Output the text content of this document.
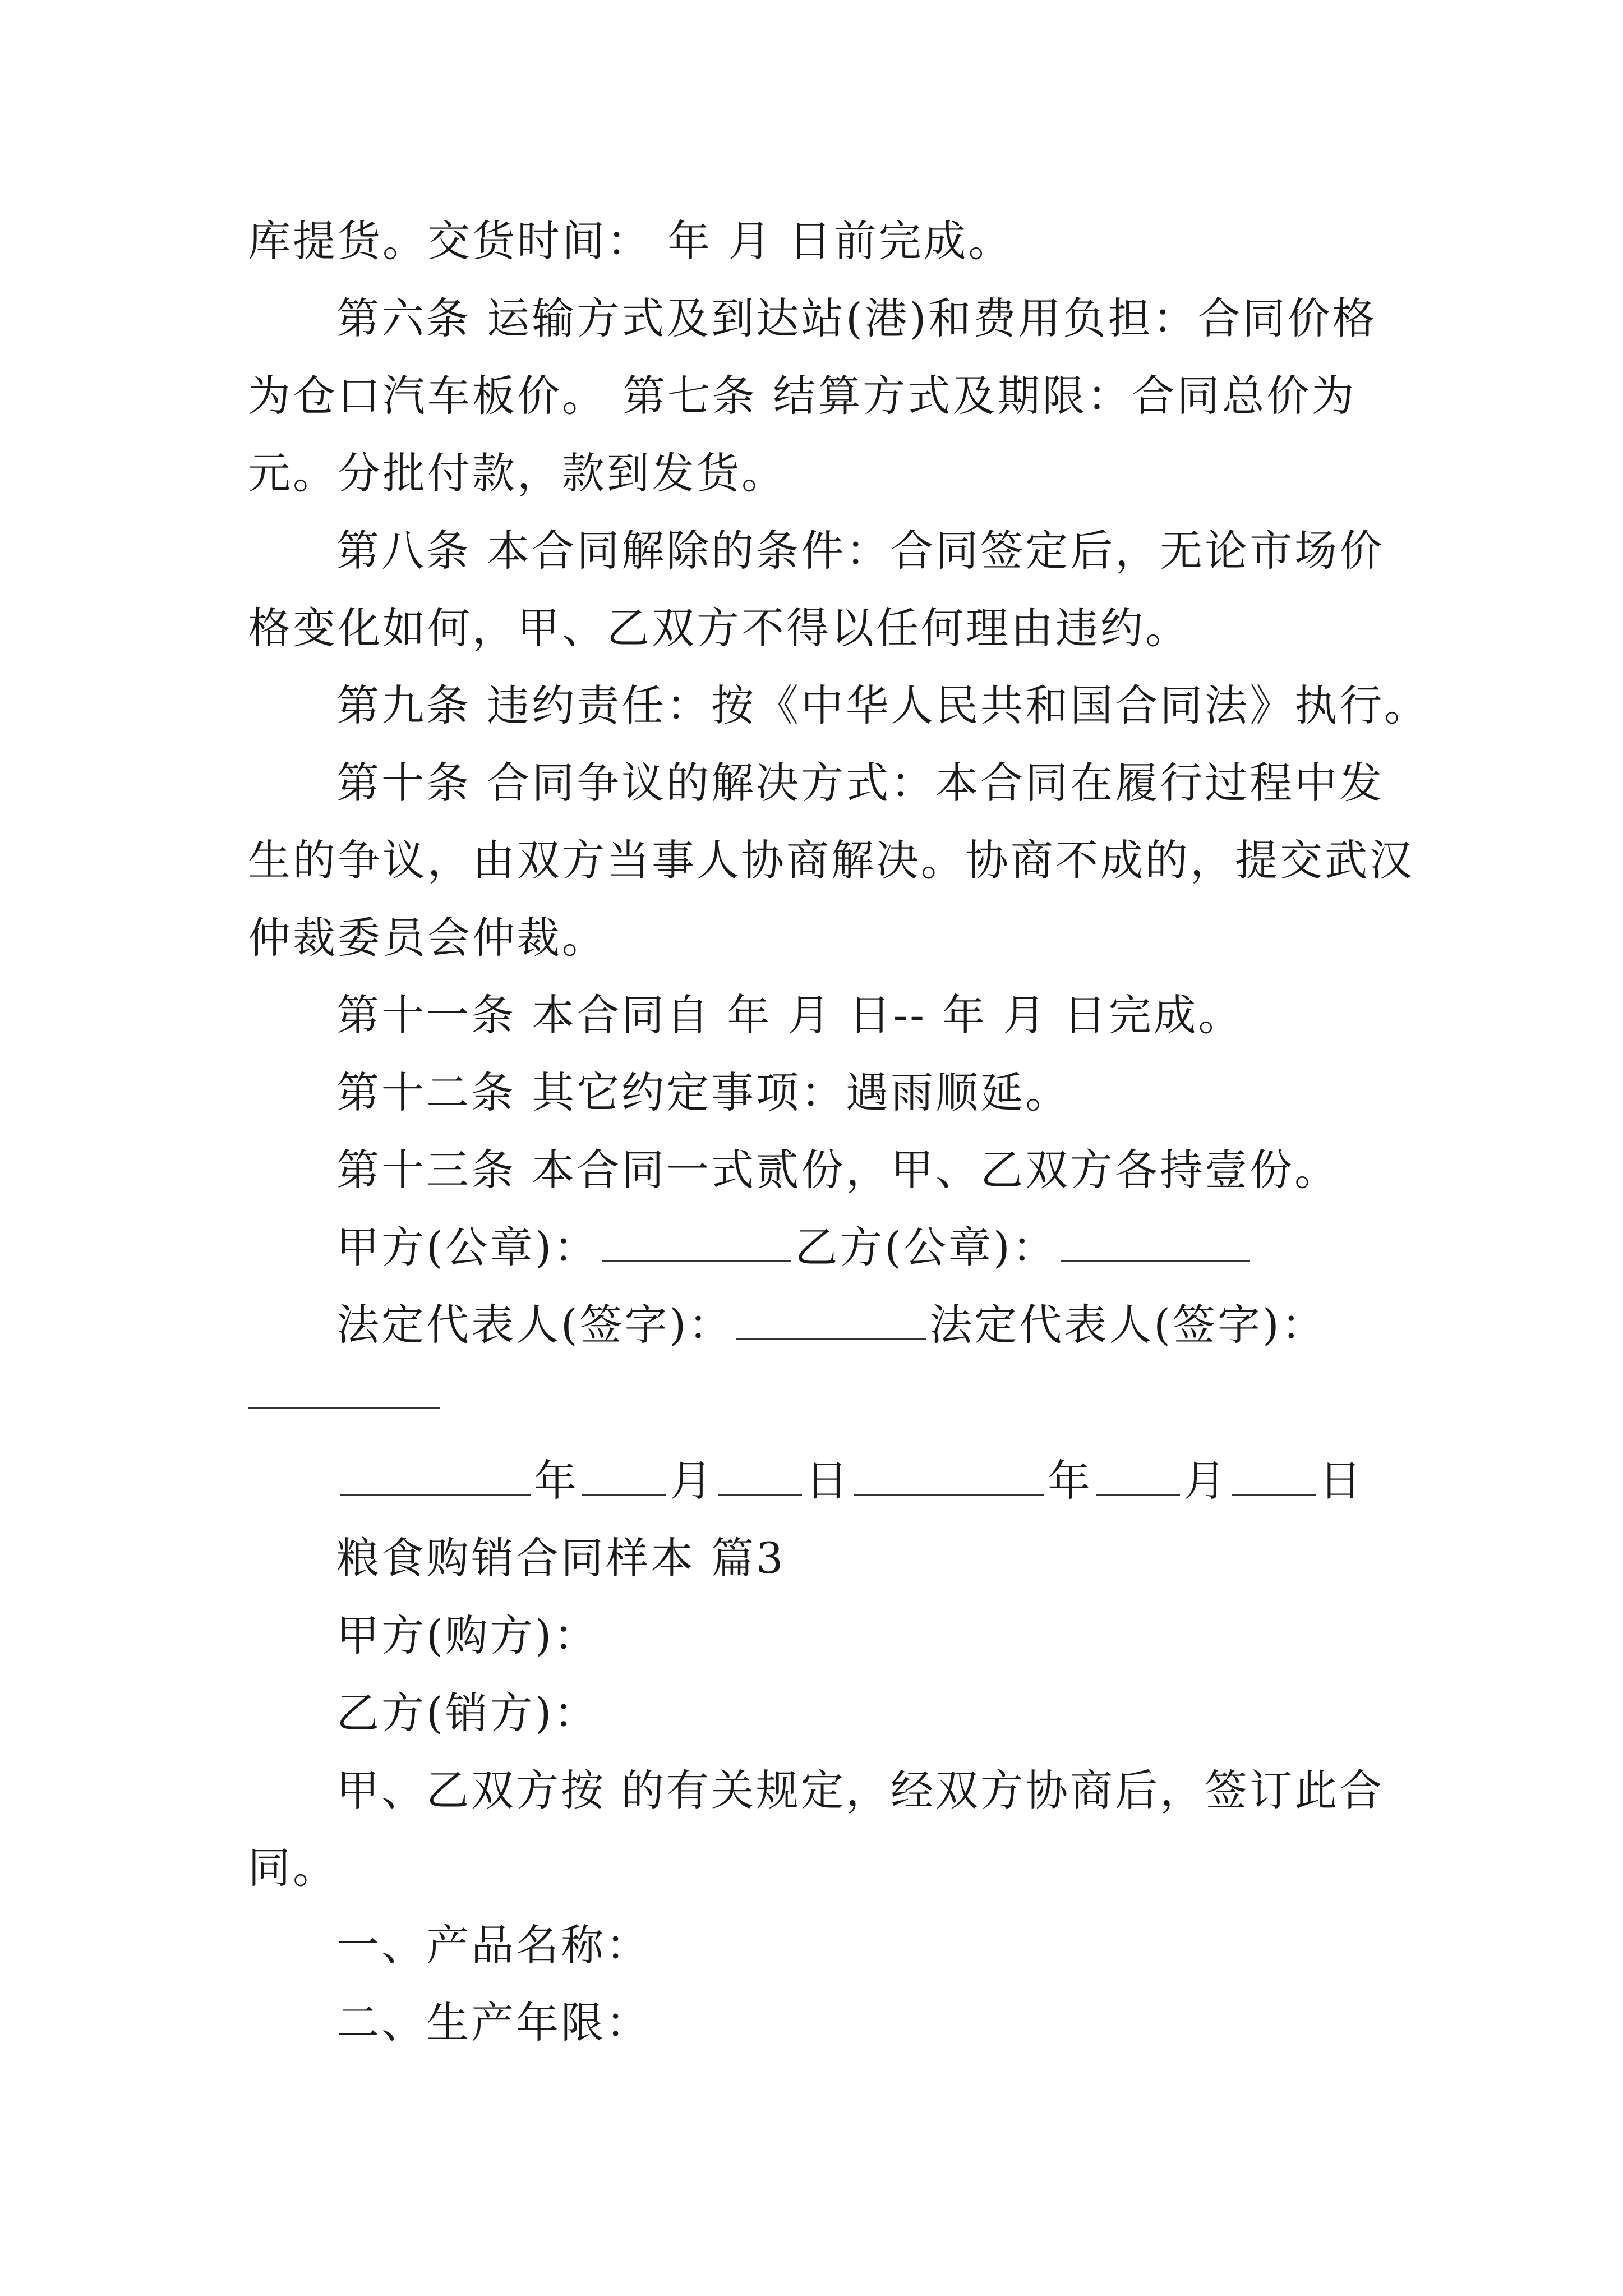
库提货。交货时间： 年 月 日前完成。
第六条 运输方式及到达站(港)和费用负担：合同价格
为仓口汽车板价。 第七条 结算方式及期限：合同总价为
元。分批付款，款到发货。
第八条 本合同解除的条件：合同签定后，无论市场价
格变化如何，甲、乙双方不得以任何理由违约。
第九条 违约责任：按《中华人民共和国合同法》执行。
第十条 合同争议的解决方式：本合同在履行过程中发
生的争议，由双方当事人协商解决。协商不成的，提交武汉
仲裁委员会仲裁。
第十一条 本合同自 年 月 日-- 年 月 日完成。
第十二条 其它约定事项：遇雨顺延。
第十三条 本合同一式贰份，甲、乙双方各持壹份。
甲方(公章)：	乙方(公章)：
法定代表人(签字)：	法定代表人(签字)：
年 月 日	年 月 日
粮食购销合同样本 篇3
甲方(购方)：
乙方(销方)：
甲、乙双方按 的有关规定，经双方协商后，签订此合
同。
一、产品名称：
二、生产年限：
